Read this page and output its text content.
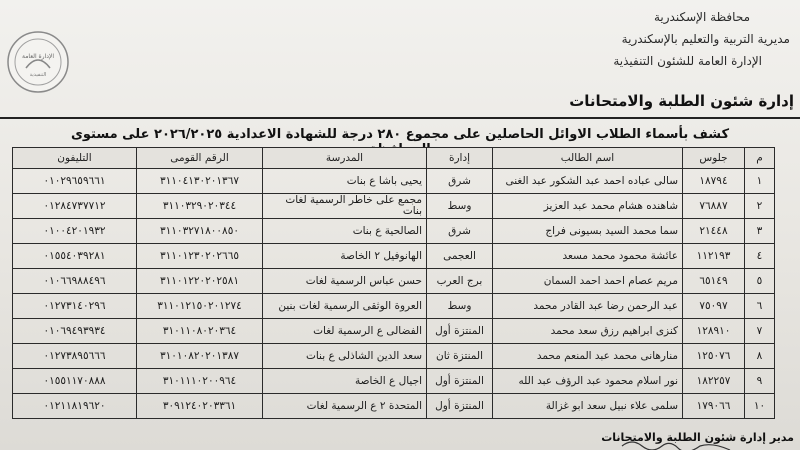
محافظة الإسكندرية
مديرية التربية والتعليم بالإسكندرية
الإدارة العامة للشئون التنفيذية
الإدارة العامة
التنفيذية
إدارة شئون الطلبة والامتحانات
كشف بأسماء الطلاب الاوائل الحاصلين على مجموع ٢٨٠ درجة للشهادة الاعدادية ٢٠٢٦/٢٠٢٥ على مستوى
م	جلوس	اسم الطالب	إدارة	المدرسة	الرقم القومى	التليفون
١	١٨٧٩٤	سالى عباده احمد عبد الشكور عبد الغنى	شرق	يحيى باشا ع بنات	٣١١٠٤١٣٠٢٠١٣٦٧	٠١٠٢٩٦٥٩٦٦١
٢	٧٦٨٨٧	شاهنده هشام محمد عبد العزيز	وسط	مجمع على خاطر الرسمية لغات بنات	٣١١٠٣٢٩٠٢٠٣٤٤	٠١٢٨٤٧٣٧٧١٢
٣	٢١٤٤٨	سما محمد السيد بسيونى فراج	شرق	الصالحية ع بنات	٣١١٠٣٢٧١٨٠٠٨٥٠	٠١٠٠٤٢٠١٩٣٢
٤	١١٢١٩٣	عائشة محمود محمد مسعد	العجمى	الهانوفيل ٢ الخاصة	٣١١٠١٢٣٠٢٠٢٦٦٥	٠١٥٥٤٠٣٩٢٨١
٥	٦٥١٤٩	مريم عصام احمد احمد السمان	برج العرب	حسن عباس الرسمية لغات	٣١١٠١٢٢٠٢٠٢٥٨١	٠١٠٦٦٩٨٨٤٩٦
٦	٧٥٠٩٧	عبد الرحمن رضا عبد القادر محمد	وسط	العروة الوثقى الرسمية لغات بنين	٣١١٠١٢١٥٠٢٠١٢٧٤	٠١٢٧٣١٤٠٢٩٦
٧	١٢٨٩١٠	كنزى ابراهيم رزق سعد محمد	المنتزة أول	الفضالى ع الرسمية لغات	٣١٠١١٠٨٠٢٠٣٦٤	٠١٠٦٩٤٩٣٩٣٤
٨	١٢٥٠٧٦	منارهانى محمد عبد المنعم محمد	المنتزة ثان	سعد الدين الشاذلى ع بنات	٣١٠١٠٨٢٠٢٠١٣٨٧	٠١٢٧٣٨٩٥٦٦٦
٩	١٨٢٢٥٧	نور اسلام محمود عبد الرؤف عبد الله	المنتزة أول	اجيال ع الخاصة	٣١٠١١١٠٢٠٠٩٦٤	٠١٥٥١١٧٠٨٨٨
١٠	١٧٩٠٦٦	سلمى علاء نبيل سعد ابو غزالة	المنتزة أول	المتحدة ٢ ع الرسمية لغات	٣٠٩١٢٤٠٢٠٣٣٦١	٠١٢١١٨١٩٦٢٠
مدير إدارة شئون الطلبة والامتحانات
